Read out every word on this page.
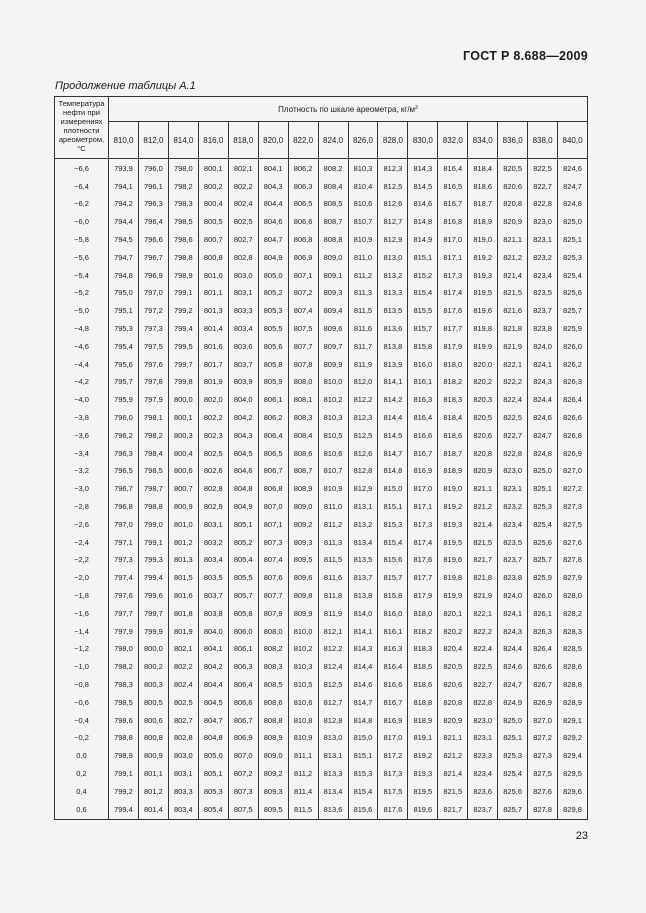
ГОСТ Р 8.688—2009
Продолжение таблицы А.1
Температура нефти при измерениях плотности ареометром, °С	Плотность по шкале ареометра, $кг/м^3$
	810,0	812,0	814,0	816,0	818,0	820,0	822,0	824,0	826,0	828,0	830,0	832,0	834,0	836,0	838,0	840,0
−6,6	793,9	796,0	798,0	800,1	802,1	804,1	806,2	808,2	810,3	812,3	814,3	816,4	818,4	820,5	822,5	824,6
−6,4	794,1	796,1	798,2	800,2	802,2	804,3	806,3	808,4	810,4	812,5	814,5	816,5	818,6	820,6	822,7	824,7
−6,2	794,2	796,3	798,3	800,4	802,4	804,4	806,5	808,5	810,6	812,6	814,6	816,7	818,7	820,8	822,8	824,8
−6,0	794,4	796,4	798,5	800,5	802,5	804,6	806,6	808,7	810,7	812,7	814,8	816,8	818,9	820,9	823,0	825,0
−5,8	794,5	796,6	798,6	800,7	802,7	804,7	806,8	808,8	810,9	812,9	814,9	817,0	819,0	821,1	823,1	825,1
−5,6	794,7	796,7	798,8	800,8	802,8	804,9	806,9	809,0	811,0	813,0	815,1	817,1	819,2	821,2	823,2	825,3
−5,4	794,8	796,9	798,9	801,0	803,0	805,0	807,1	809,1	811,2	813,2	815,2	817,3	819,3	821,4	823,4	825,4
−5,2	795,0	797,0	799,1	801,1	803,1	805,2	807,2	809,3	811,3	813,3	815,4	817,4	819,5	821,5	823,5	825,6
−5,0	795,1	797,2	799,2	801,3	803,3	805,3	807,4	809,4	811,5	813,5	815,5	817,6	819,6	821,6	823,7	825,7
−4,8	795,3	797,3	799,4	801,4	803,4	805,5	807,5	809,6	811,6	813,6	815,7	817,7	819,8	821,8	823,8	825,9
−4,6	795,4	797,5	799,5	801,6	803,6	805,6	807,7	809,7	811,7	813,8	815,8	817,9	819,9	821,9	824,0	826,0
−4,4	795,6	797,6	799,7	801,7	803,7	805,8	807,8	809,9	811,9	813,9	816,0	818,0	820,0	822,1	824,1	826,2
−4,2	795,7	797,8	799,8	801,9	803,9	805,9	808,0	810,0	812,0	814,1	816,1	818,2	820,2	822,2	824,3	826,3
−4,0	795,9	797,9	800,0	802,0	804,0	806,1	808,1	810,2	812,2	814,2	816,3	818,3	820,3	822,4	824,4	826,4
−3,8	796,0	798,1	800,1	802,2	804,2	806,2	808,3	810,3	812,3	814,4	816,4	818,4	820,5	822,5	824,6	826,6
−3,6	796,2	798,2	800,3	802,3	804,3	806,4	808,4	810,5	812,5	814,5	816,6	818,6	820,6	822,7	824,7	826,8
−3,4	796,3	798,4	800,4	802,5	804,5	806,5	808,6	810,6	812,6	814,7	816,7	818,7	820,8	822,8	824,8	826,9
−3,2	796,5	798,5	800,6	802,6	804,6	806,7	808,7	810,7	812,8	814,8	816,9	818,9	820,9	823,0	825,0	827,0
−3,0	796,7	798,7	800,7	802,8	804,8	806,8	808,9	810,9	812,9	815,0	817,0	819,0	821,1	823,1	825,1	827,2
−2,8	796,8	798,8	800,9	802,9	804,9	807,0	809,0	811,0	813,1	815,1	817,1	819,2	821,2	823,2	825,3	827,3
−2,6	797,0	799,0	801,0	803,1	805,1	807,1	809,2	811,2	813,2	815,3	817,3	819,3	821,4	823,4	825,4	827,5
−2,4	797,1	799,1	801,2	803,2	805,2	807,3	809,3	811,3	813,4	815,4	817,4	819,5	821,5	823,5	825,6	827,6
−2,2	797,3	799,3	801,3	803,4	805,4	807,4	809,5	811,5	813,5	815,6	817,6	819,6	821,7	823,7	825,7	827,8
−2,0	797,4	799,4	801,5	803,5	805,5	807,6	809,6	811,6	813,7	815,7	817,7	819,8	821,8	823,8	825,9	827,9
−1,8	797,6	799,6	801,6	803,7	805,7	807,7	809,8	811,8	813,8	815,8	817,9	819,9	821,9	824,0	826,0	828,0
−1,6	797,7	799,7	801,8	803,8	805,8	807,9	809,9	811,9	814,0	816,0	818,0	820,1	822,1	824,1	826,1	828,2
−1,4	797,9	799,9	801,9	804,0	806,0	808,0	810,0	812,1	814,1	816,1	818,2	820,2	822,2	824,3	826,3	828,3
−1,2	798,0	800,0	802,1	804,1	806,1	808,2	810,2	812,2	814,3	816,3	818,3	820,4	822,4	824,4	826,4	828,5
−1,0	798,2	800,2	802,2	804,2	806,3	808,3	810,3	812,4	814,4	816,4	818,5	820,5	822,5	824,6	826,6	828,6
−0,8	798,3	800,3	802,4	804,4	806,4	808,5	810,5	812,5	814,6	816,6	818,6	820,6	822,7	824,7	826,7	828,8
−0,6	798,5	800,5	802,5	804,5	806,6	808,6	810,6	812,7	814,7	816,7	818,8	820,8	822,8	824,9	826,9	828,9
−0,4	798,6	800,6	802,7	804,7	806,7	808,8	810,8	812,8	814,8	816,9	818,9	820,9	823,0	825,0	827,0	829,1
−0,2	798,8	800,8	802,8	804,8	806,9	808,9	810,9	813,0	815,0	817,0	819,1	821,1	823,1	825,1	827,2	829,2
0,0	798,9	800,9	803,0	805,0	807,0	809,0	811,1	813,1	815,1	817,2	819,2	821,2	823,3	825,3	827,3	829,4
0,2	799,1	801,1	803,1	805,1	807,2	809,2	811,2	813,3	815,3	817,3	819,3	821,4	823,4	825,4	827,5	829,5
0,4	799,2	801,2	803,3	805,3	807,3	809,3	811,4	813,4	815,4	817,5	819,5	821,5	823,6	825,6	827,6	829,6
0,6	799,4	801,4	803,4	805,4	807,5	809,5	811,5	813,6	815,6	817,6	819,6	821,7	823,7	825,7	827,8	829,8
23
